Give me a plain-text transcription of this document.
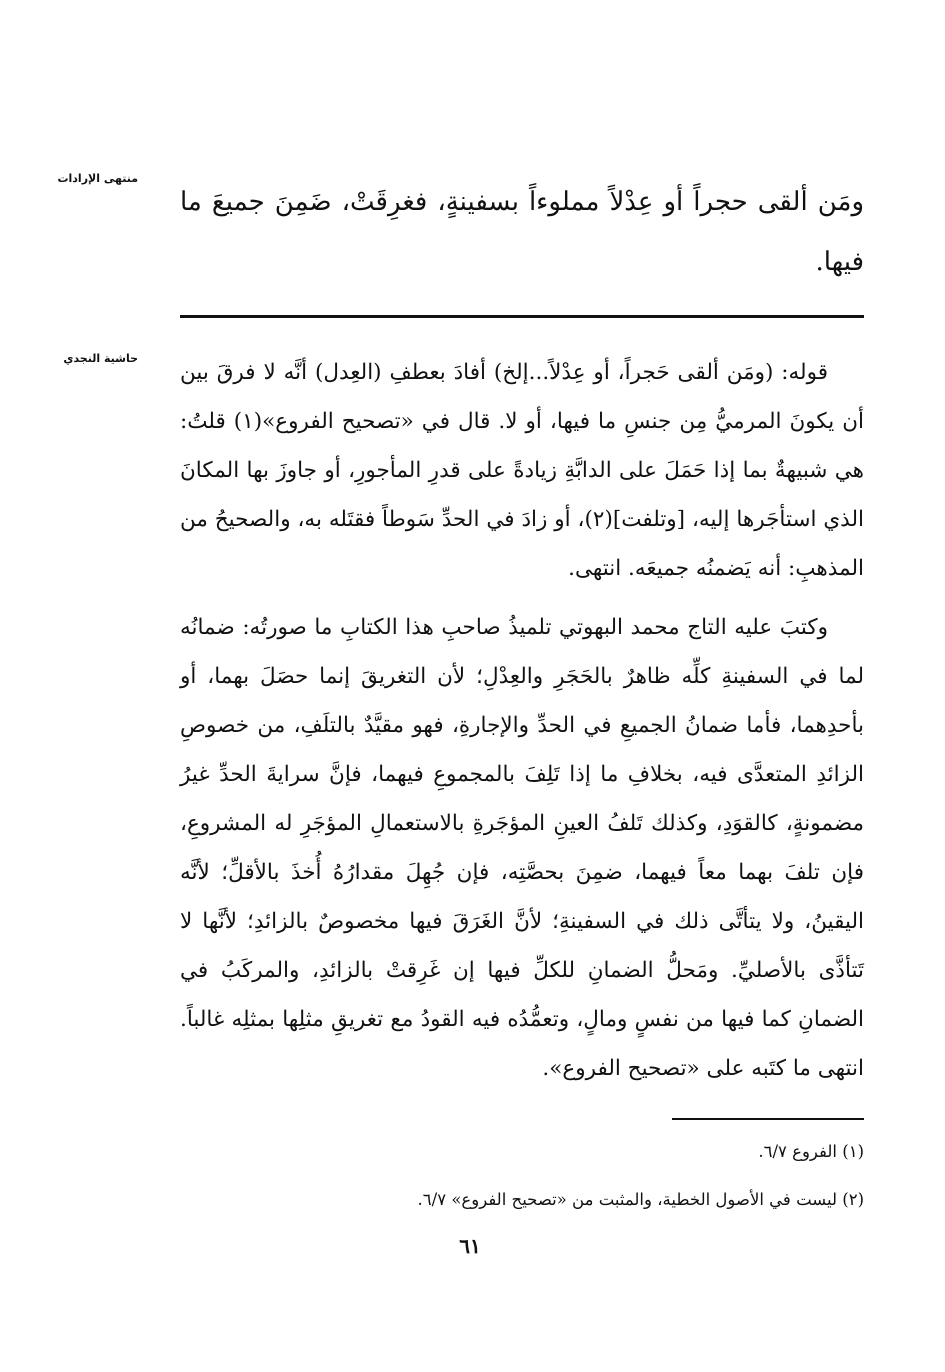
منتهى الإرادات
ومَن ألقى حجراً أو عِدْلاً مملوءاً بسفينةٍ، فغرِقَتْ، ضَمِنَ جميعَ ما فيها.
حاشية النجدي

قوله: (ومَن ألقى حَجراً، أو عِدْلاً...إلخ) أفادَ بعطفِ (العِدل) أنَّه لا فرقَ بين أن يكونَ المرميُّ مِن جنسِ ما فيها، أو لا. قال في «تصحيح الفروع»(١) قلتُ: هي شبيهةٌ بما إذا حَمَلَ على الدابَّةِ زيادةً على قدرِ المأجورِ، أو جاوزَ بها المكانَ الذي استأجَرها إليه، [وتلفت](٢)، أو زادَ في الحدِّ سَوطاً فقتَله به، والصحيحُ من المذهبِ: أنه يَضمنُه جميعَه. انتهى.

وكتبَ عليه التاج محمد البهوتي تلميذُ صاحبِ هذا الكتابِ ما صورتُه: ضمانُه لما في السفينةِ كلِّه ظاهرٌ بالحَجَرِ والعِدْلِ؛ لأن التغريقَ إنما حصَلَ بهما، أو بأحدِهما، فأما ضمانُ الجميعِ في الحدِّ والإجارةِ، فهو مقيَّدٌ بالتلَفِ، من خصوصِ الزائدِ المتعدَّى فيه، بخلافِ ما إذا تَلِفَ بالمجموعِ فيهما، فإنَّ سرايةَ الحدِّ غيرُ مضمونةٍ، كالقوَدِ، وكذلك تَلفُ العينِ المؤجَرةِ بالاستعمالِ المؤجَرِ له المشروعِ، فإن تلفَ بهما معاً فيهما، ضمِنَ بحصَّتِه، فإن جُهِلَ مقدارُهُ أُخذَ بالأقلِّ؛ لأنَّه اليقينُ، ولا يتأتَّى ذلك في السفينةِ؛ لأنَّ الغَرَقَ فيها مخصوصٌ بالزائدِ؛ لأنَّها لا تَتأذَّى بالأصليِّ. ومَحلُّ الضمانِ للكلِّ فيها إن غَرِقتْ بالزائدِ، والمركَبُ في الضمانِ كما فيها من نفسٍ ومالٍ، وتعمُّدُه فيه القودُ مع تغريقِ مثلِها بمثلِه غالباً. انتهى ما كتَبه على «تصحيح الفروع».

(١) الفروع ٦/٧.
(٢) ليست في الأصول الخطية، والمثبت من «تصحيح الفروع» ٦/٧.
٦١
